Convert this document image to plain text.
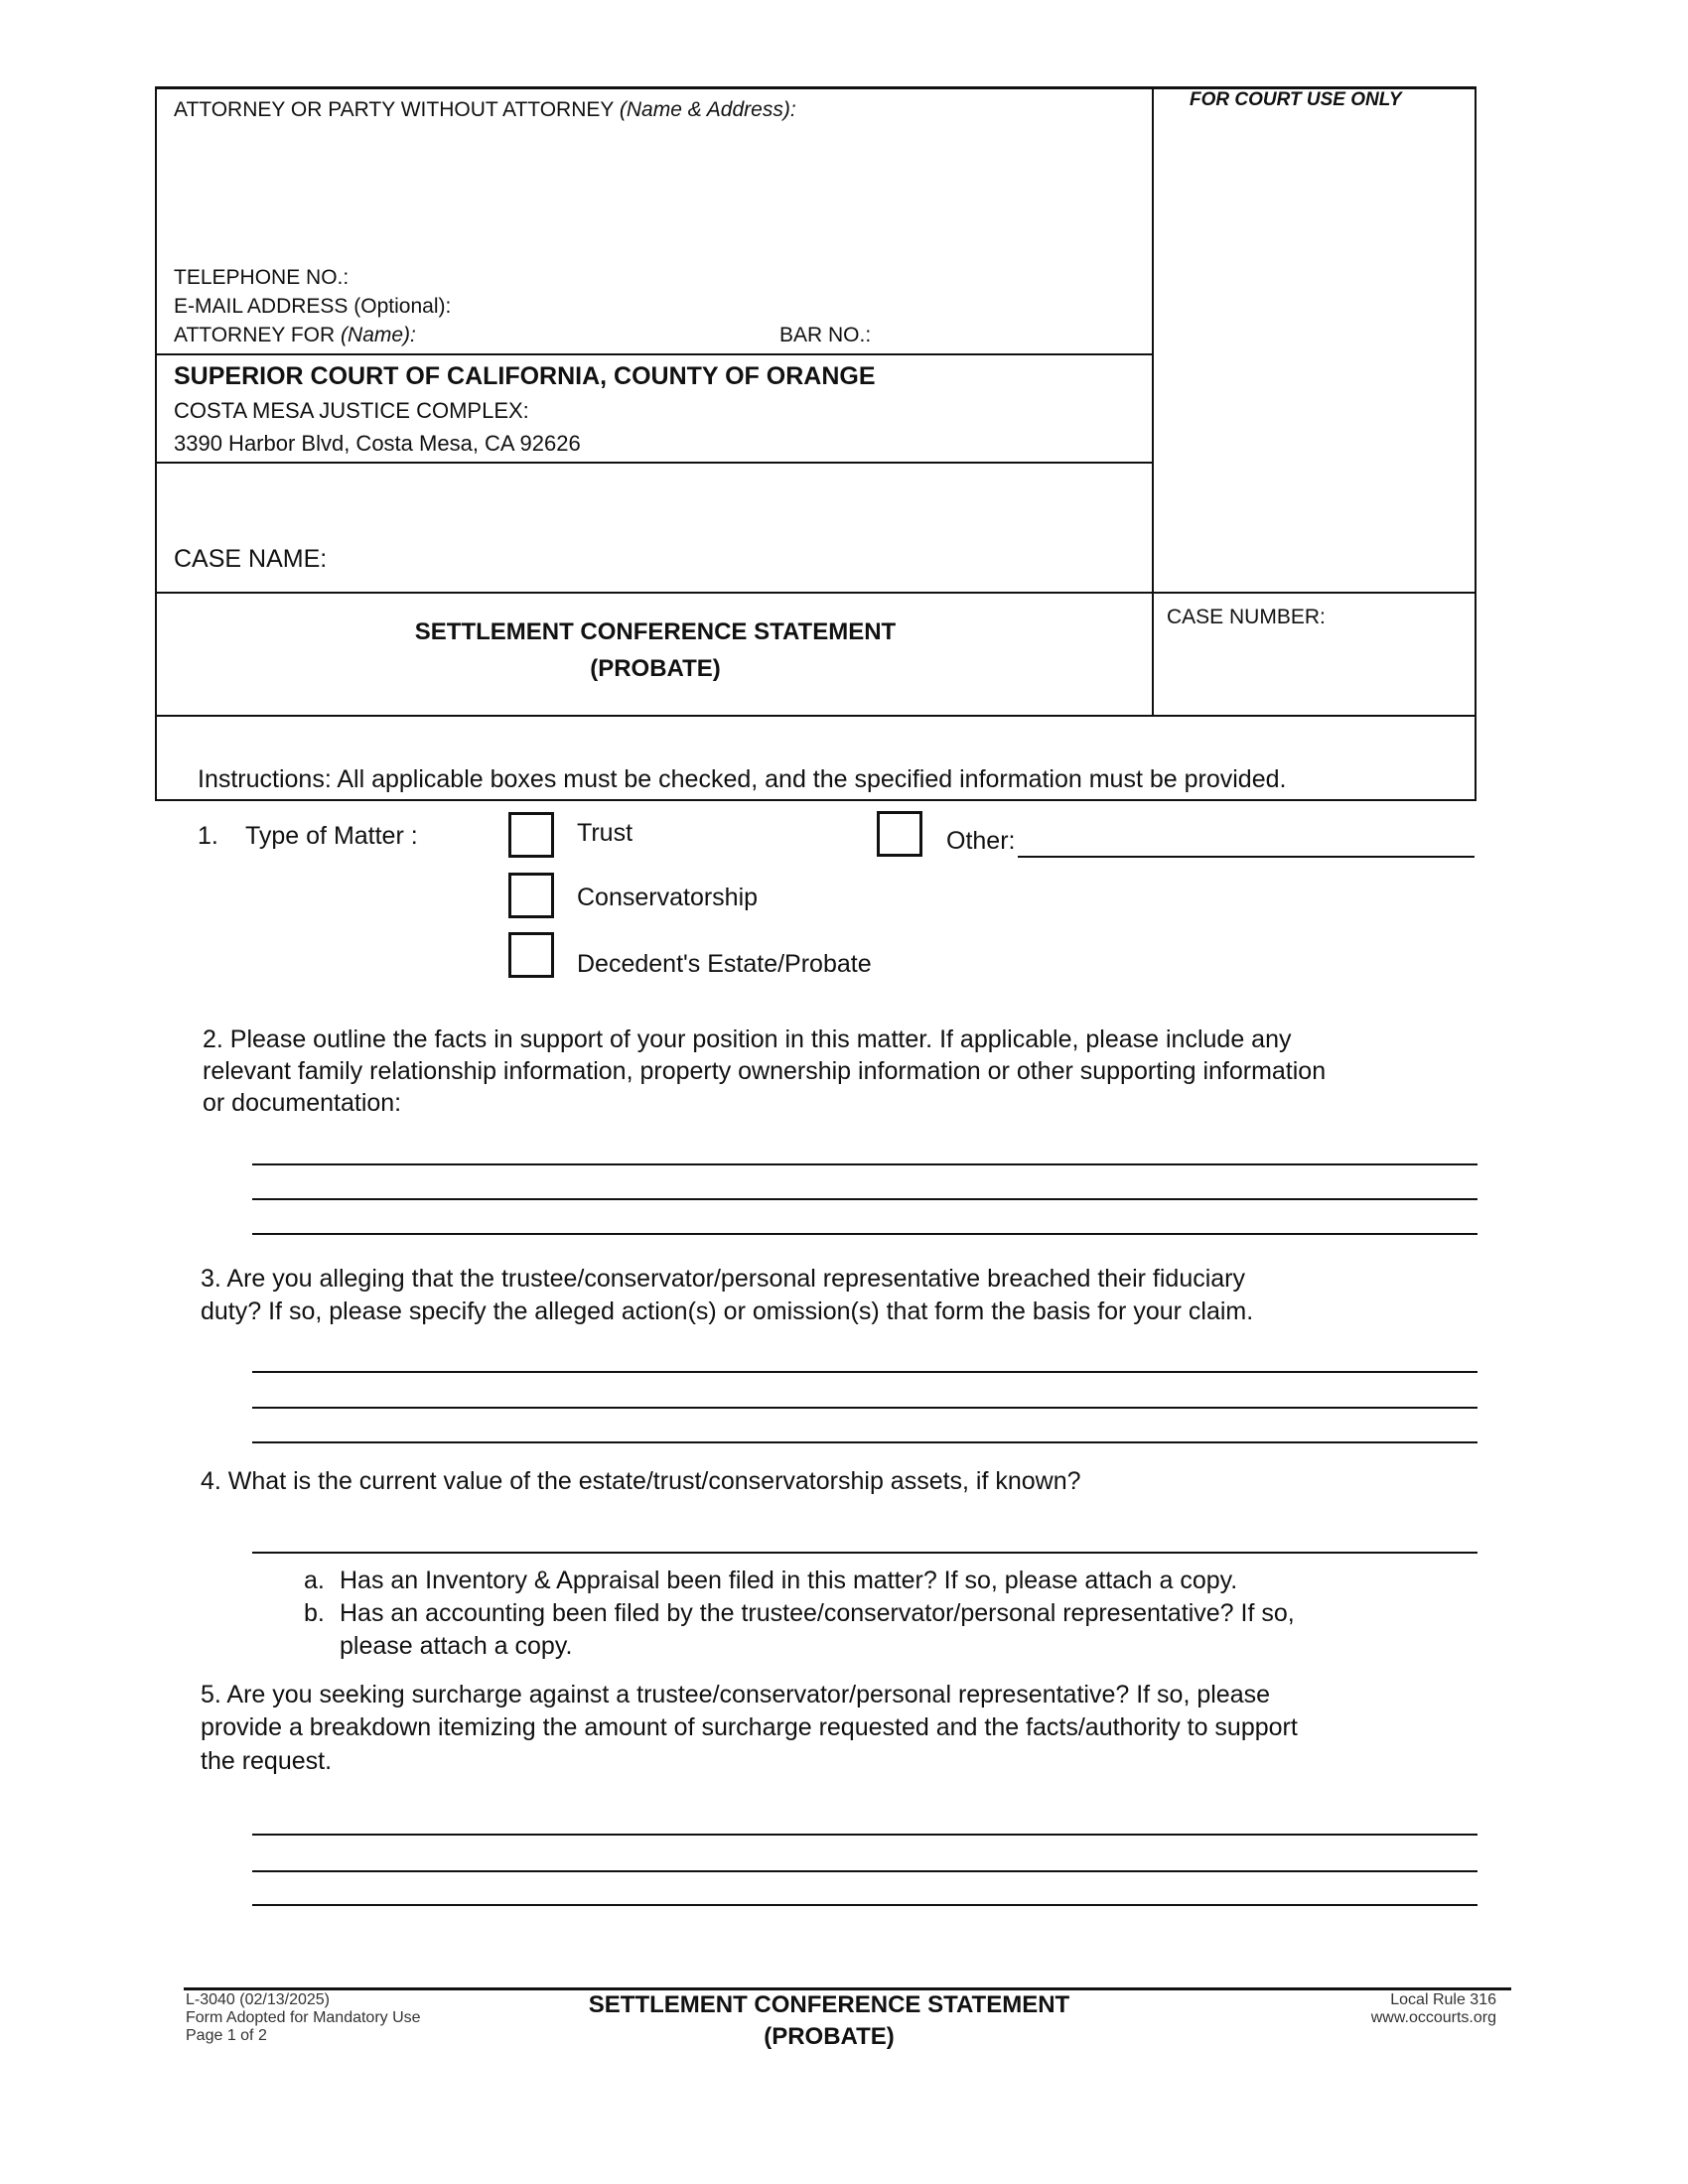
ATTORNEY OR PARTY WITHOUT ATTORNEY (Name & Address):	FOR COURT USE ONLY
TELEPHONE NO.:
E-MAIL ADDRESS (Optional):
ATTORNEY FOR (Name):	BAR NO.:
SUPERIOR COURT OF CALIFORNIA, COUNTY OF ORANGE
COSTA MESA JUSTICE COMPLEX:
3390 Harbor Blvd, Costa Mesa, CA 92626
CASE NAME:
SETTLEMENT CONFERENCE STATEMENT
(PROBATE)
CASE NUMBER:
Instructions: All applicable boxes must be checked, and the specified information must be provided.
1. Type of Matter :	Trust
Conservatorship
Decedent's Estate/Probate
Other:
2. Please outline the facts in support of your position in this matter. If applicable, please include any
relevant family relationship information, property ownership information or other supporting information
or documentation:
3. Are you alleging that the trustee/conservator/personal representative breached their fiduciary
duty? If so, please specify the alleged action(s) or omission(s) that form the basis for your claim.
4. What is the current value of the estate/trust/conservatorship assets, if known?
a. Has an Inventory & Appraisal been filed in this matter? If so, please attach a copy.
b. Has an accounting been filed by the trustee/conservator/personal representative? If so,
please attach a copy.
5. Are you seeking surcharge against a trustee/conservator/personal representative? If so, please
provide a breakdown itemizing the amount of surcharge requested and the facts/authority to support
the request.
L-3040 (02/13/2025)
Form Adopted for Mandatory Use
Page 1 of 2
SETTLEMENT CONFERENCE STATEMENT
(PROBATE)
Local Rule 316
www.occourts.org
